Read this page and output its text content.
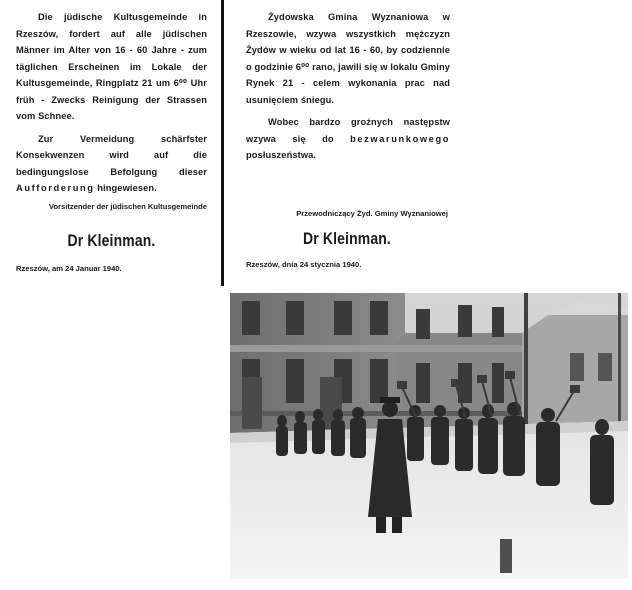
Die jüdische Kultusgemeinde in Rzeszów, fordert auf alle jüdischen Männer im Alter von 16 - 60 Jahre - zum täglichen Erscheinen im Lokale der Kultusgemeinde, Ringplatz 21 um 6⁰⁰ Uhr früh - Zwecks Reinigung der Strassen vom Schnee.

Zur Vermeidung schärfster Konsekwenzen wird auf die bedingungslose Befolgung dieser Aufforderung hingewiesen.

Vorsitzender der jüdischen Kultusgemeinde

Dr Kleinman.

Rzeszów, am 24 Januar 1940.

Żydowska Gmina Wyznaniowa w Rzeszowie, wzywa wszystkich mężczyzn Żydów w wieku od lat 16 - 60, by codziennie o godzinie 6⁰⁰ rano, jawili się w lokalu Gminy Rynek 21 - celem wykonania prac nad usunięciem śniegu.

Wobec bardzo groźnych następstw wzywa się do bezwarunkowego posłuszeństwa.

Przewodniczący Żyd. Gminy Wyznaniowej

Dr Kleinman.

Rzeszów, dnia 24 stycznia 1940.
